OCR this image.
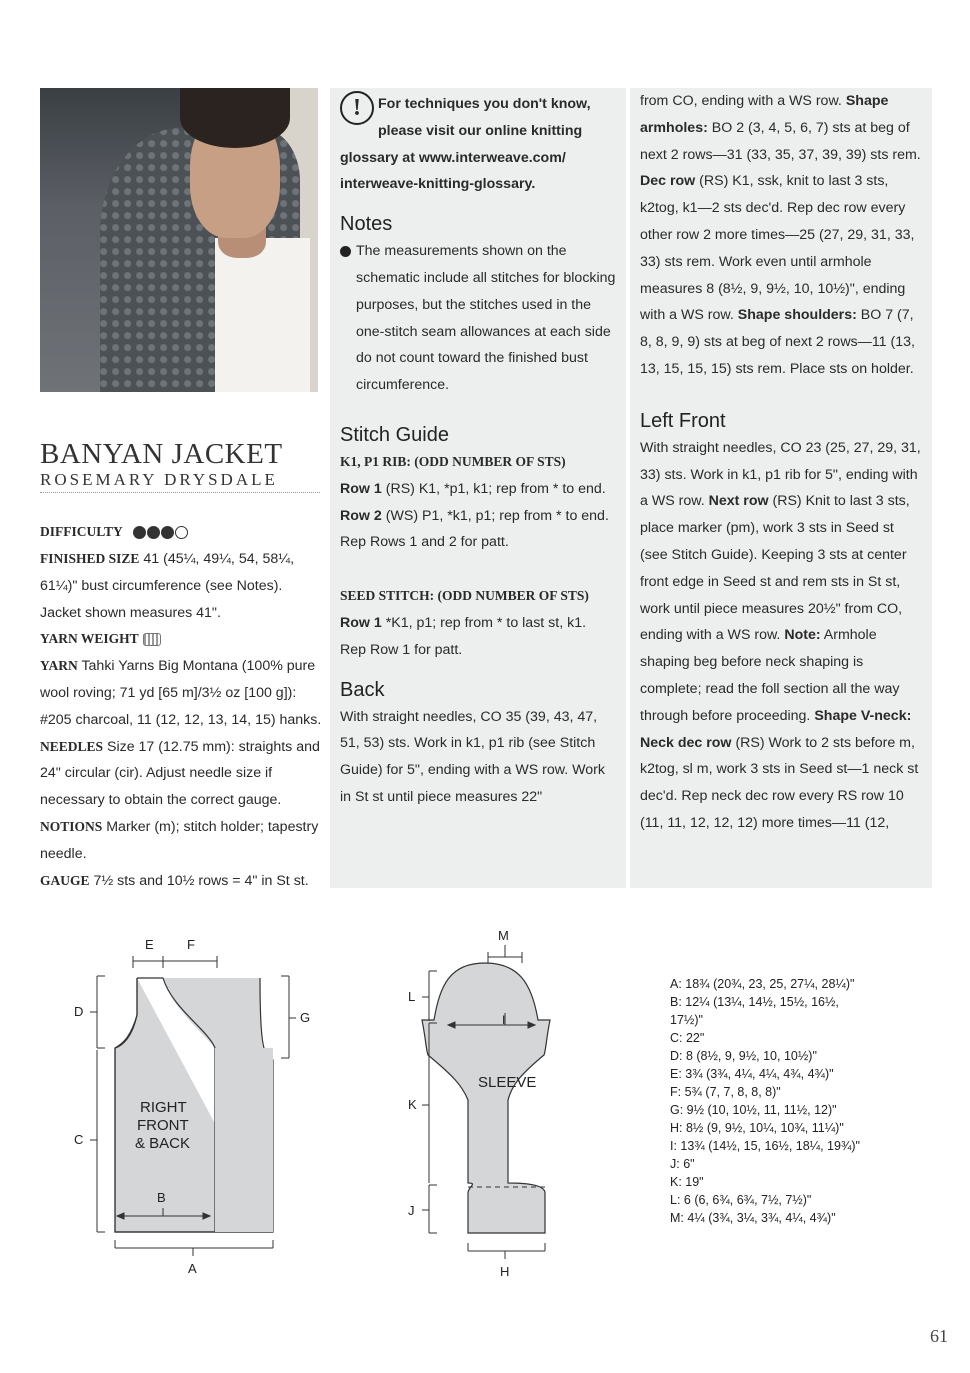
BANYAN JACKET
ROSEMARY DRYSDALE
DIFFICULTY
FINISHED SIZE 41 (45¼, 49¼, 54, 58¼, 61¼)" bust circumference (see Notes). Jacket shown measures 41".
YARN WEIGHT
YARN Tahki Yarns Big Montana (100% pure wool roving; 71 yd [65 m]/3½ oz [100 g]): #205 charcoal, 11 (12, 12, 13, 14, 15) hanks.
NEEDLES Size 17 (12.75 mm): straights and 24" circular (cir). Adjust needle size if necessary to obtain the correct gauge.
NOTIONS Marker (m); stitch holder; tapestry needle.
GAUGE 7½ sts and 10½ rows = 4" in St st.
!	For techniques you don't know,
please visit our online knitting
glossary at www.interweave.com/
interweave-knitting-glossary.
Notes
The measurements shown on the schematic include all stitches for blocking purposes, but the stitches used in the one-stitch seam allowances at each side do not count toward the finished bust circumference.
Stitch Guide
K1, P1 RIB: (ODD NUMBER OF STS)
Row 1 (RS) K1, *p1, k1; rep from * to end.
Row 2 (WS) P1, *k1, p1; rep from * to end.
Rep Rows 1 and 2 for patt.
SEED STITCH: (ODD NUMBER OF STS)
Row 1 *K1, p1; rep from * to last st, k1.
Rep Row 1 for patt.
Back
With straight needles, CO 35 (39, 43, 47, 51, 53) sts. Work in k1, p1 rib (see Stitch Guide) for 5", ending with a WS row. Work in St st until piece measures 22"
from CO, ending with a WS row. Shape armholes: BO 2 (3, 4, 5, 6, 7) sts at beg of next 2 rows—31 (33, 35, 37, 39, 39) sts rem. Dec row (RS) K1, ssk, knit to last 3 sts, k2tog, k1—2 sts dec'd. Rep dec row every other row 2 more times—25 (27, 29, 31, 33, 33) sts rem. Work even until armhole measures 8 (8½, 9, 9½, 10, 10½)", ending with a WS row. Shape shoulders: BO 7 (7, 8, 8, 9, 9) sts at beg of next 2 rows—11 (13, 13, 15, 15, 15) sts rem. Place sts on holder.
Left Front
With straight needles, CO 23 (25, 27, 29, 31, 33) sts. Work in k1, p1 rib for 5", ending with a WS row. Next row (RS) Knit to last 3 sts, place marker (pm), work 3 sts in Seed st (see Stitch Guide). Keeping 3 sts at center front edge in Seed st and rem sts in St st, work until piece measures 20½" from CO, ending with a WS row. Note: Armhole shaping beg before neck shaping is complete; read the foll section all the way through before proceeding. Shape V-neck: Neck dec row (RS) Work to 2 sts before m, k2tog, sl m, work 3 sts in Seed st—1 neck st dec'd. Rep neck dec row every RS row 10 (11, 11, 12, 12, 12) more times—11 (12,
E	F
D
C
G
B
A
RIGHT
FRONT
& BACK
I
M
L
K
J
H
SLEEVE
A: 18¾ (20¾, 23, 25, 27¼, 28¼)"
B: 12¼ (13¼, 14½, 15½, 16½,
17½)"
C: 22"
D: 8 (8½, 9, 9½, 10, 10½)"
E: 3¾ (3¾, 4¼, 4¼, 4¾, 4¾)"
F: 5¾ (7, 7, 8, 8, 8)"
G: 9½ (10, 10½, 11, 11½, 12)"
H: 8½ (9, 9½, 10¼, 10¾, 11¼)"
I: 13¾ (14½, 15, 16½, 18¼, 19¾)"
J: 6"
K: 19"
L: 6 (6, 6¾, 6¾, 7½, 7½)"
M: 4¼ (3¾, 3¼, 3¾, 4¼, 4¾)"
61
